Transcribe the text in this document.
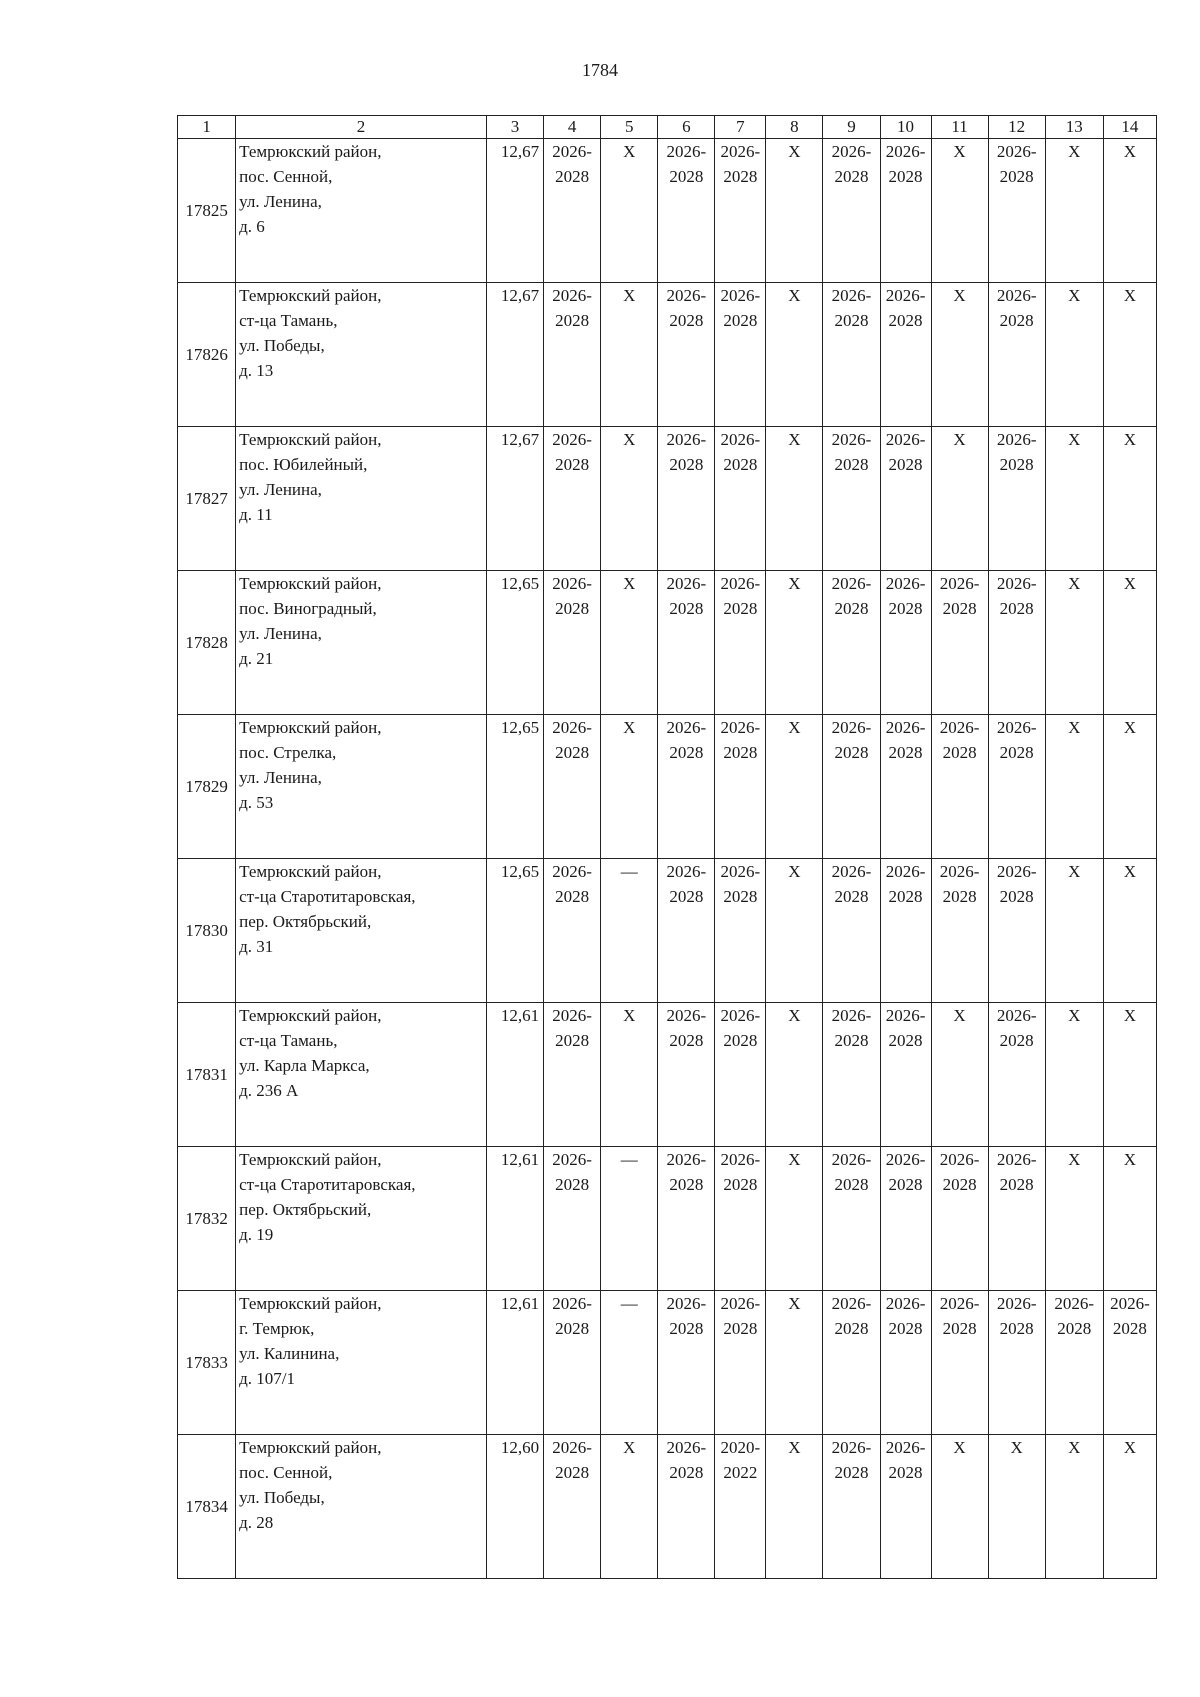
1784
1	2	3	4	5	6	7	8	9	10	11	12	13	14
17825	Темрюкский район,
пос. Сенной,
ул. Ленина,
д. 6	12,67	2026-
2028	X	2026-
2028	2026-
2028	X	2026-
2028	2026-
2028	X	2026-
2028	X	X

17826	Темрюкский район,
ст-ца Тамань,
ул. Победы,
д. 13	12,67	2026-
2028	X	2026-
2028	2026-
2028	X	2026-
2028	2026-
2028	X	2026-
2028	X	X

17827	Темрюкский район,
пос. Юбилейный,
ул. Ленина,
д. 11	12,67	2026-
2028	X	2026-
2028	2026-
2028	X	2026-
2028	2026-
2028	X	2026-
2028	X	X

17828	Темрюкский район,
пос. Виноградный,
ул. Ленина,
д. 21	12,65	2026-
2028	X	2026-
2028	2026-
2028	X	2026-
2028	2026-
2028	2026-
2028	2026-
2028	X	X

17829	Темрюкский район,
пос. Стрелка,
ул. Ленина,
д. 53	12,65	2026-
2028	X	2026-
2028	2026-
2028	X	2026-
2028	2026-
2028	2026-
2028	2026-
2028	X	X

17830	Темрюкский район,
ст-ца Старотитаровская,
пер. Октябрьский,
д. 31	12,65	2026-
2028	—	2026-
2028	2026-
2028	X	2026-
2028	2026-
2028	2026-
2028	2026-
2028	X	X

17831	Темрюкский район,
ст-ца Тамань,
ул. Карла Маркса,
д. 236 А	12,61	2026-
2028	X	2026-
2028	2026-
2028	X	2026-
2028	2026-
2028	X	2026-
2028	X	X

17832	Темрюкский район,
ст-ца Старотитаровская,
пер. Октябрьский,
д. 19	12,61	2026-
2028	—	2026-
2028	2026-
2028	X	2026-
2028	2026-
2028	2026-
2028	2026-
2028	X	X

17833	Темрюкский район,
г. Темрюк,
ул. Калинина,
д. 107/1	12,61	2026-
2028	—	2026-
2028	2026-
2028	X	2026-
2028	2026-
2028	2026-
2028	2026-
2028	2026-
2028	2026-
2028

17834	Темрюкский район,
пос. Сенной,
ул. Победы,
д. 28	12,60	2026-
2028	X	2026-
2028	2020-
2022	X	2026-
2028	2026-
2028	X	X	X	X
